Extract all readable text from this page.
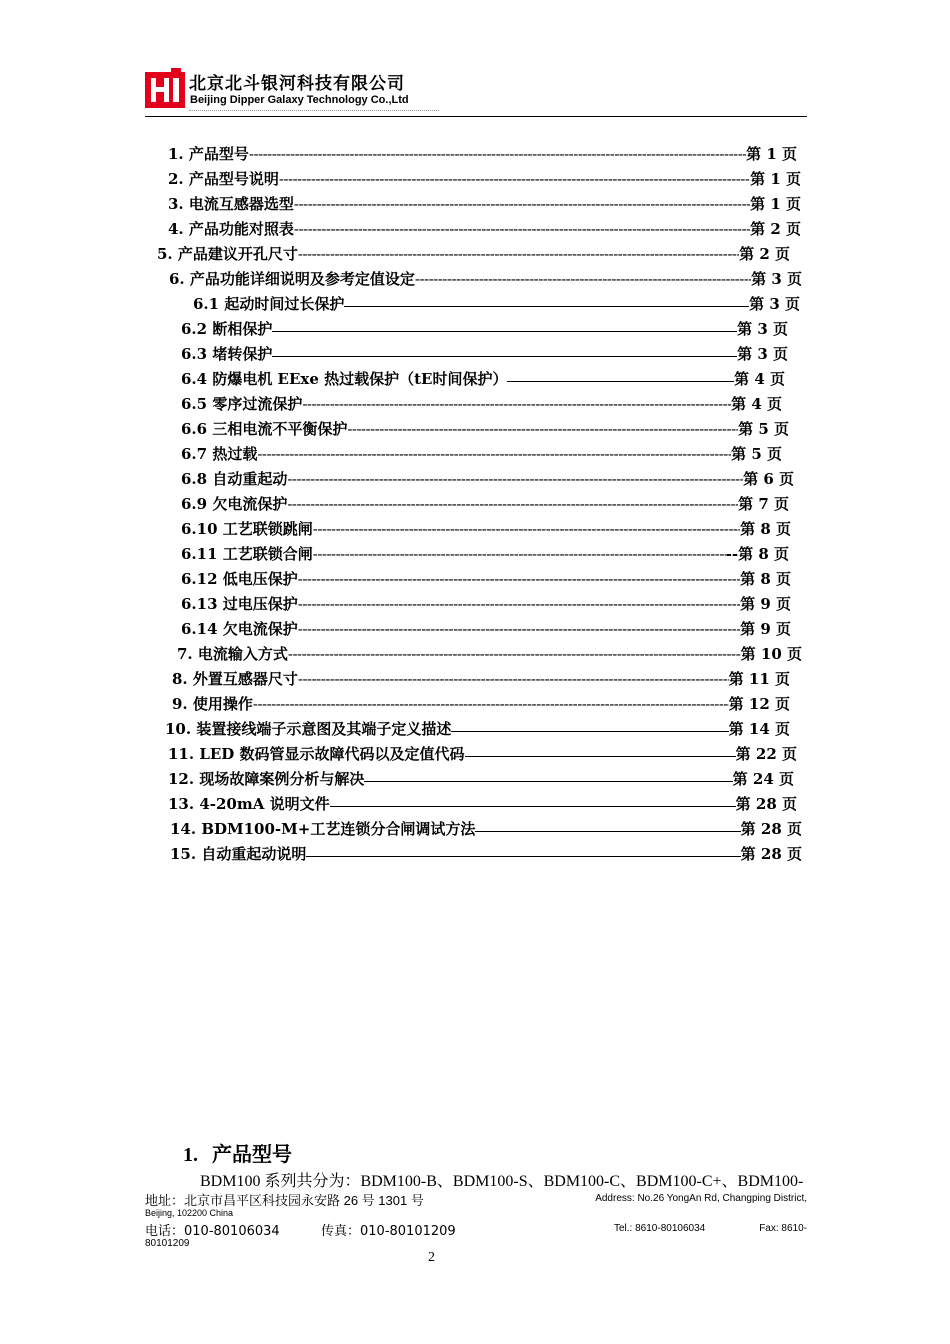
北京北斗银河科技有限公司
Beijing Dipper Galaxy Technology Co.,Ltd
1. 产品型号 -----	第 1 页
2. 产品型号说明 -----	第 1 页
3. 电流互感器选型 -----	第 1 页
4. 产品功能对照表 -----	第 2 页
5. 产品建议开孔尺寸 -----	第 2 页
6. 产品功能详细说明及参考定值设定 -----	第 3 页
6.1 起动时间过长保护	第 3 页
6.2 断相保护	第 3 页
6.3 堵转保护	第 3 页
6.4 防爆电机 EExe 热过载保护（tE时间保护）	第 4 页
6.5 零序过流保护 -----	第 4 页
6.6 三相电流不平衡保护 -----	第 5 页
6.7 热过载 -----	第 5 页
6.8 自动重起动 -----	第 6 页
6.9 欠电流保护 -----	第 7 页
6.10 工艺联锁跳闸 -----	第 8 页
6.11 工艺联锁合闸 -----	--第 8 页
6.12 低电压保护 -----	第 8 页
6.13 过电压保护 -----	第 9 页
6.14 欠电流保护 -----	第 9 页
7. 电流输入方式 -----	第 10 页
8. 外置互感器尺寸 -----	第 11 页
9. 使用操作 -----	第 12 页
10. 装置接线端子示意图及其端子定义描述	第 14 页
11. LED 数码管显示故障代码以及定值代码	第 22 页
12. 现场故障案例分析与解决	第 24 页
13. 4-20mA 说明文件	第 28 页
14. BDM100-M+工艺连锁分合闸调试方法	第 28 页
15. 自动重起动说明	第 28 页
1. 产品型号
BDM100 系列共分为：BDM100-B、BDM100-S、BDM100-C、BDM100-C+、BDM100-
地址：北京市昌平区科技园永安路 26 号 1301 号	Address: No.26 YongAn Rd, Changping District,
Beijing, 102200 China
电话：010-80106034	传真：010-80101209	Tel.: 8610-80106034	Fax: 8610-
80101209
2
